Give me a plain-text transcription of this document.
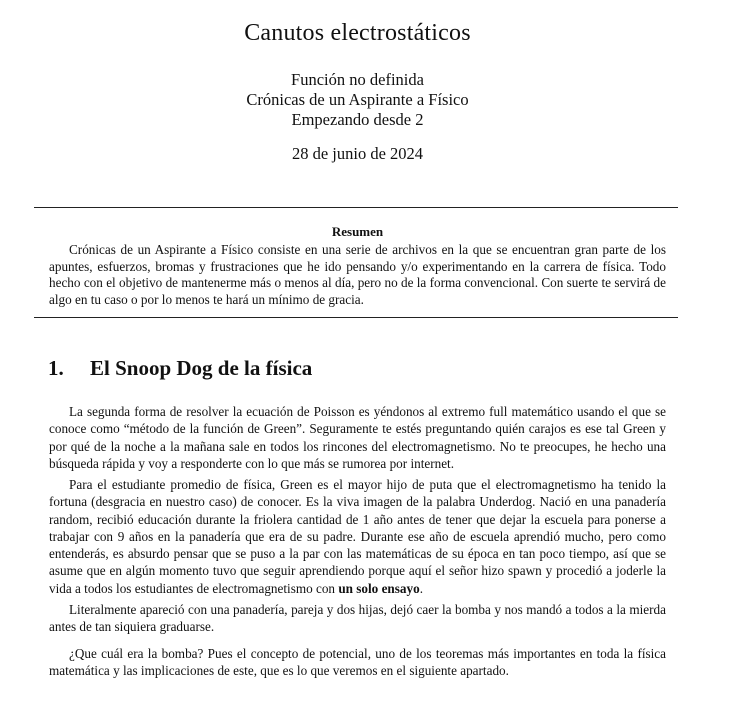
Canutos electrostáticos
Función no definida
Crónicas de un Aspirante a Físico
Empezando desde 2
28 de junio de 2024
Resumen

Crónicas de un Aspirante a Físico consiste en una serie de archivos en la que se encuentran gran parte de los apuntes, esfuerzos, bromas y frustraciones que he ido pensando y/o experimentando en la carrera de física. Todo hecho con el objetivo de mantenerme más o menos al día, pero no de la forma convencional. Con suerte te servirá de algo en tu caso o por lo menos te hará un mínimo de gracia.

1. El Snoop Dog de la física

La segunda forma de resolver la ecuación de Poisson es yéndonos al extremo full matemático usando el que se conoce como “método de la función de Green”. Seguramente te estés preguntando quién carajos es ese tal Green y por qué de la noche a la mañana sale en todos los rincones del electromagnetismo. No te preocupes, he hecho una búsqueda rápida y voy a responderte con lo que más se rumorea por internet.

Para el estudiante promedio de física, Green es el mayor hijo de puta que el electromagnetismo ha tenido la fortuna (desgracia en nuestro caso) de conocer. Es la viva imagen de la palabra Underdog. Nació en una panadería random, recibió educación durante la friolera cantidad de 1 año antes de tener que dejar la escuela para ponerse a trabajar con 9 años en la panadería que era de su padre. Durante ese año de escuela aprendió mucho, pero como entenderás, es absurdo pensar que se puso a la par con las matemáticas de su época en tan poco tiempo, así que se asume que en algún momento tuvo que seguir aprendiendo porque aquí el señor hizo spawn y procedió a joderle la vida a todos los estudiantes de electromagnetismo con un solo ensayo.

Literalmente apareció con una panadería, pareja y dos hijas, dejó caer la bomba y nos mandó a todos a la mierda antes de tan siquiera graduarse.

¿Que cuál era la bomba? Pues el concepto de potencial, uno de los teoremas más importantes en toda la física matemática y las implicaciones de este, que es lo que veremos en el siguiente apartado.
